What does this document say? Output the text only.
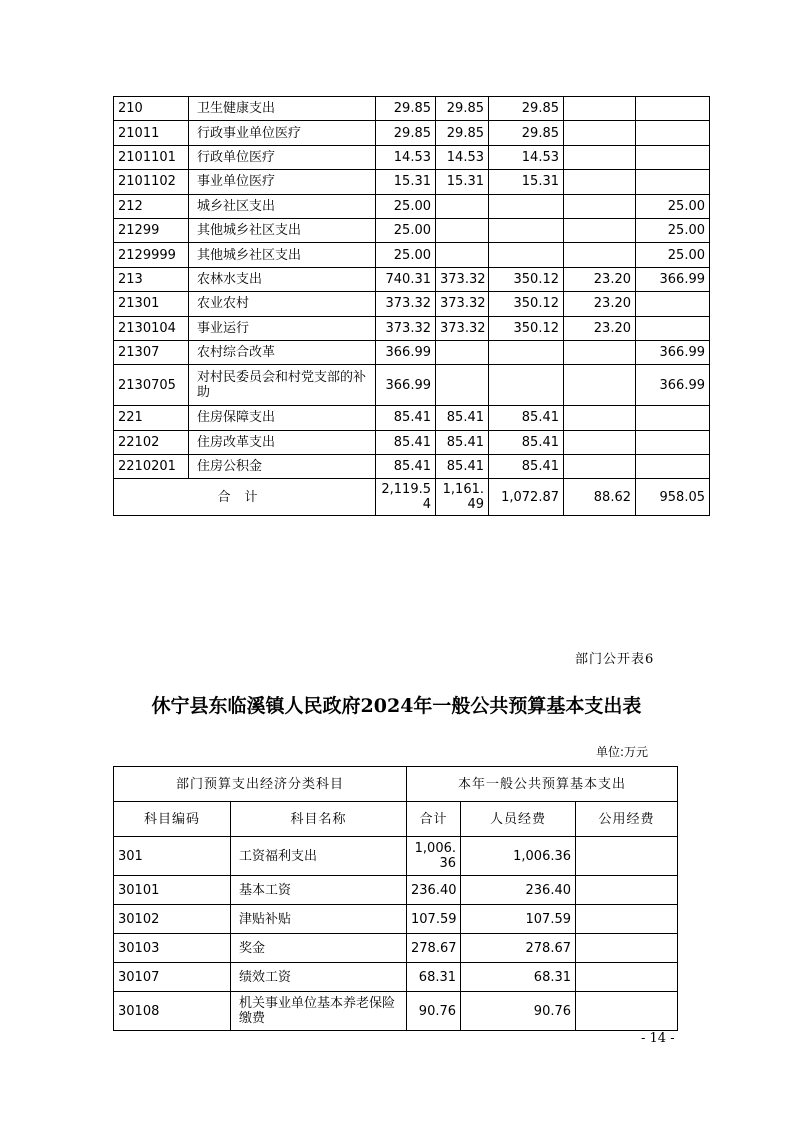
210	卫生健康支出	29.85	29.85	29.85		
21011	行政事业单位医疗	29.85	29.85	29.85		
2101101	行政单位医疗	14.53	14.53	14.53		
2101102	事业单位医疗	15.31	15.31	15.31		
212	城乡社区支出	25.00				25.00
21299	其他城乡社区支出	25.00				25.00
2129999	其他城乡社区支出	25.00				25.00
213	农林水支出	740.31	373.32	350.12	23.20	366.99
21301	农业农村	373.32	373.32	350.12	23.20	
2130104	事业运行	373.32	373.32	350.12	23.20	
21307	农村综合改革	366.99				366.99
2130705	对村民委员会和村党支部的补助	366.99				366.99
221	住房保障支出	85.41	85.41	85.41		
22102	住房改革支出	85.41	85.41	85.41		
2210201	住房公积金	85.41	85.41	85.41		
合计		2,119.54	1,161.49	1,072.87	88.62	958.05
部门公开表6
休宁县东临溪镇人民政府2024年一般公共预算基本支出表
单位:万元
部门预算支出经济分类科目		本年一般公共预算基本支出		
科目编码	科目名称	合计	人员经费	公用经费
301	工资福利支出	1,006.36	1,006.36	
30101	基本工资	236.40	236.40	
30102	津贴补贴	107.59	107.59	
30103	奖金	278.67	278.67	
30107	绩效工资	68.31	68.31	
30108	机关事业单位基本养老保险缴费	90.76	90.76	
- 14 -
